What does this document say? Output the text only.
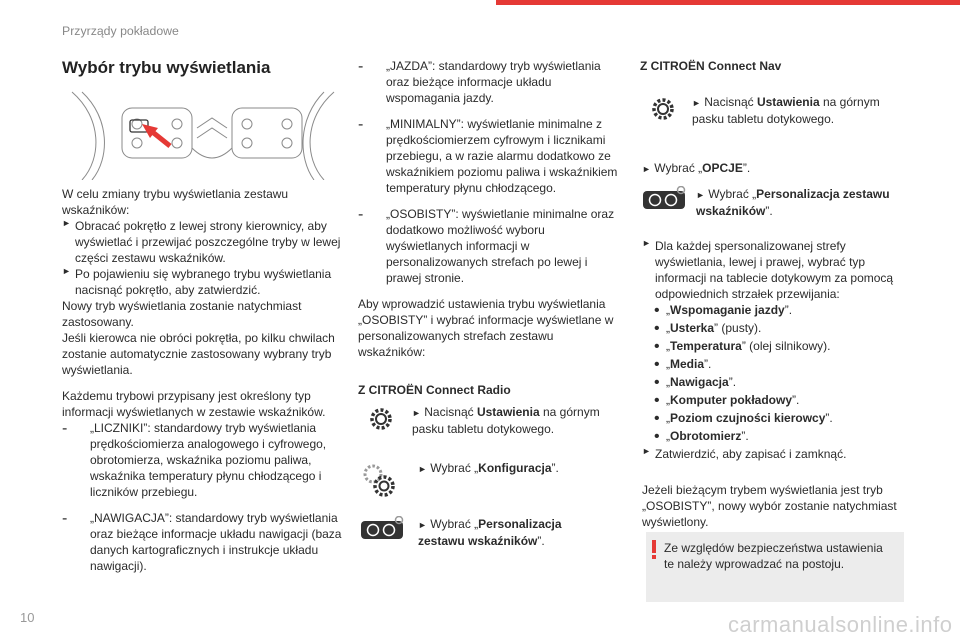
Przyrządy pokładowe
Wybór trybu wyświetlania

W celu zmiany trybu wyświetlania zestawu wskaźników:

► Obracać pokrętło z lewej strony kierownicy, aby wyświetlać i przewijać poszczególne tryby w lewej części zestawu wskaźników.

► Po pojawieniu się wybranego trybu wyświetlania nacisnąć pokrętło, aby zatwierdzić.

Nowy tryb wyświetlania zostanie natychmiast zastosowany.

Jeśli kierowca nie obróci pokrętła, po kilku chwilach zostanie automatycznie zastosowany wybrany tryb wyświetlania.

Każdemu trybowi przypisany jest określony typ informacji wyświetlanych w zestawie wskaźników.

-	„LICZNIKI”: standardowy tryb wyświetlania prędkościomierza analogowego i cyfrowego, obrotomierza, wskaźnika poziomu paliwa, wskaźnika temperatury płynu chłodzącego i liczników przebiegu.

-	„NAWIGACJA”: standardowy tryb wyświetlania oraz bieżące informacje układu nawigacji (baza danych kartograficznych i instrukcje układu nawigacji).

-	„JAZDA”: standardowy tryb wyświetlania oraz bieżące informacje układu wspomagania jazdy.

-	„MINIMALNY”: wyświetlanie minimalne z prędkościomierzem cyfrowym i licznikami przebiegu, a w razie alarmu dodatkowo ze wskaźnikiem poziomu paliwa i wskaźnikiem temperatury płynu chłodzącego.

-	„OSOBISTY”: wyświetlanie minimalne oraz dodatkowo możliwość wyboru wyświetlanych informacji w personalizowanych strefach po lewej i prawej stronie.

Aby wprowadzić ustawienia trybu wyświetlania „OSOBISTY” i wybrać informacje wyświetlane w personalizowanych strefach zestawu wskaźników:

Z CITROËN Connect Radio

► Nacisnąć Ustawienia na górnym pasku tabletu dotykowego.
► Wybrać „Konfiguracja”.
► Wybrać „Personalizacja zestawu wskaźników”.

Z CITROËN Connect Nav

► Nacisnąć Ustawienia na górnym pasku tabletu dotykowego.
► Wybrać „OPCJE”.
► Wybrać „Personalizacja zestawu wskaźników”.
► Dla każdej spersonalizowanej strefy wyświetlania, lewej i prawej, wybrać typ informacji na tablecie dotykowym za pomocą odpowiednich strzałek przewijania:

• „Wspomaganie jazdy”.

• „Usterka” (pusty).

• „Temperatura” (olej silnikowy).

• „Media”.

• „Nawigacja”.

• „Komputer pokładowy”.

• „Poziom czujności kierowcy”.

• „Obrotomierz”.

► Zatwierdzić, aby zapisać i zamknąć.

Jeżeli bieżącym trybem wyświetlania jest tryb „OSOBISTY”, nowy wybór zostanie natychmiast wyświetlony.

Ze względów bezpieczeństwa ustawienia te należy wprowadzać na postoju.

10	carmanualsonline.info
